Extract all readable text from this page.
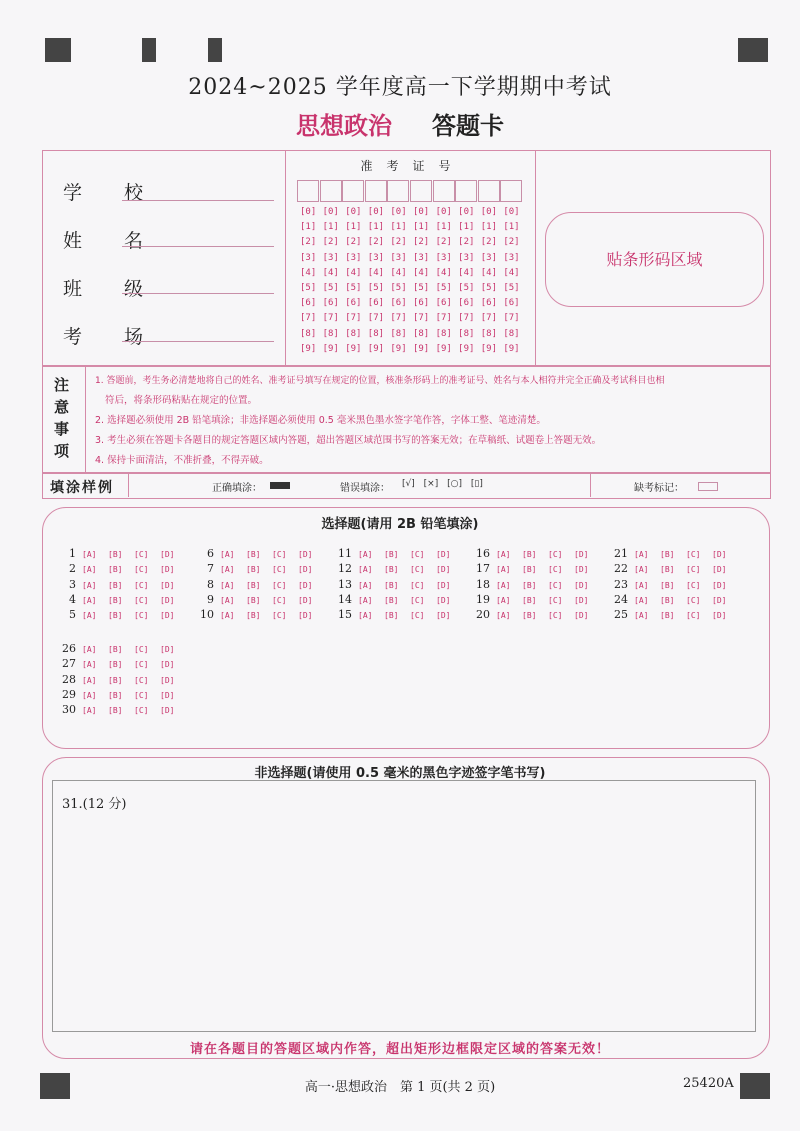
2024~2025 学年度高一下学期期中考试
思想政治 答题卡
学 校
姓 名
班 级
考 场
准考证号
[0] [0] [0] [0] [0] [0] [0] [0] [0] [0]
[1] [1] [1] [1] [1] [1] [1] [1] [1] [1]
[2] [2] [2] [2] [2] [2] [2] [2] [2] [2]
[3] [3] [3] [3] [3] [3] [3] [3] [3] [3]
[4] [4] [4] [4] [4] [4] [4] [4] [4] [4]
[5] [5] [5] [5] [5] [5] [5] [5] [5] [5]
[6] [6] [6] [6] [6] [6] [6] [6] [6] [6]
[7] [7] [7] [7] [7] [7] [7] [7] [7] [7]
[8] [8] [8] [8] [8] [8] [8] [8] [8] [8]
[9] [9] [9] [9] [9] [9] [9] [9] [9] [9]
贴条形码区域
注
意
事
项
1. 答题前，考生务必清楚地将自己的姓名、准考证号填写在规定的位置，核准条形码上的准考证号、姓名与本人相符并完全正确及考试科目也相
符后，将条形码粘贴在规定的位置。
2. 选择题必须使用 2B 铅笔填涂；非选择题必须使用 0.5 毫米黑色墨水签字笔作答，字体工整、笔迹清楚。
3. 考生必须在答题卡各题目的规定答题区域内答题，超出答题区域范围书写的答案无效；在草稿纸、试题卷上答题无效。
4. 保持卡面清洁，不准折叠，不得弄破。
填涂样例	正确填涂：	错误填涂： [√] [×] [○] [▯]	缺考标记：
选择题(请用 2B 铅笔填涂)
1 [A] [B] [C] [D]
2 [A] [B] [C] [D]
3 [A] [B] [C] [D]
4 [A] [B] [C] [D]
5 [A] [B] [C] [D]
6 [A] [B] [C] [D]
7 [A] [B] [C] [D]
8 [A] [B] [C] [D]
9 [A] [B] [C] [D]
10 [A] [B] [C] [D]
11 [A] [B] [C] [D]
12 [A] [B] [C] [D]
13 [A] [B] [C] [D]
14 [A] [B] [C] [D]
15 [A] [B] [C] [D]
16 [A] [B] [C] [D]
17 [A] [B] [C] [D]
18 [A] [B] [C] [D]
19 [A] [B] [C] [D]
20 [A] [B] [C] [D]
21 [A] [B] [C] [D]
22 [A] [B] [C] [D]
23 [A] [B] [C] [D]
24 [A] [B] [C] [D]
25 [A] [B] [C] [D]
26 [A] [B] [C] [D]
27 [A] [B] [C] [D]
28 [A] [B] [C] [D]
29 [A] [B] [C] [D]
30 [A] [B] [C] [D]
非选择题(请使用 0.5 毫米的黑色字迹签字笔书写)
31.(12 分)
请在各题目的答题区域内作答，超出矩形边框限定区域的答案无效！
高一·思想政治　第 1 页(共 2 页)	25420A
